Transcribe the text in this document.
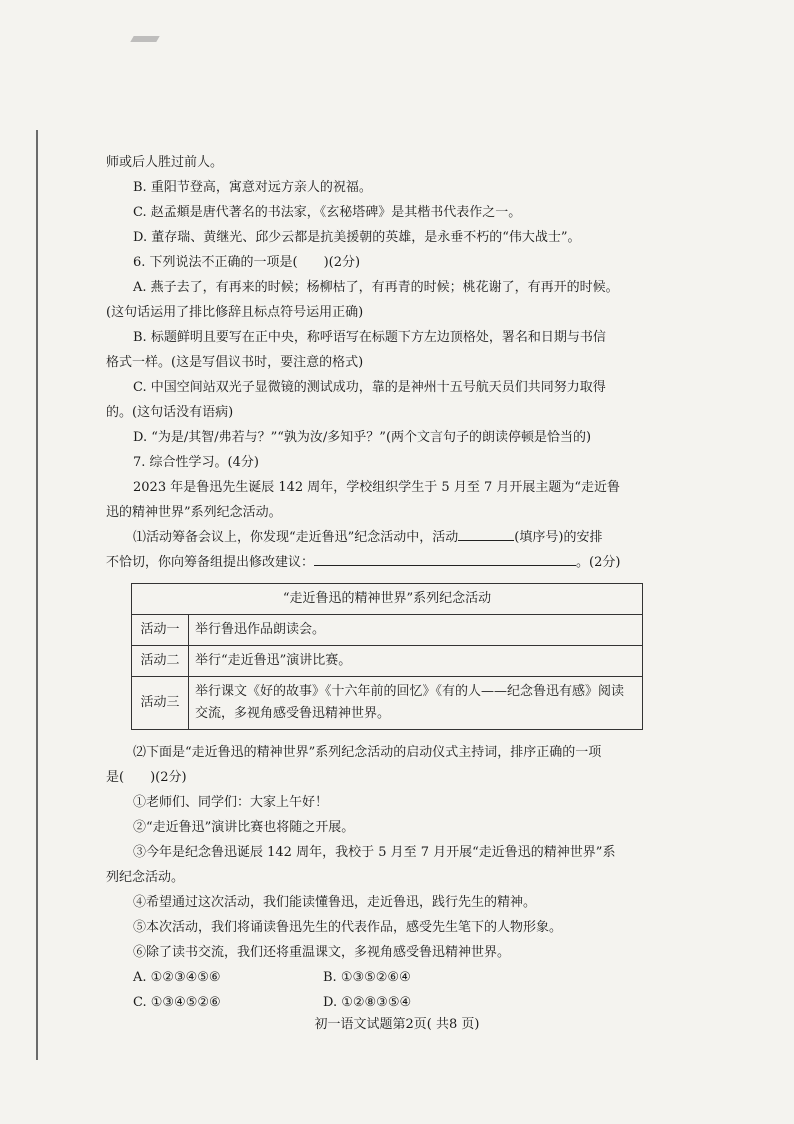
师或后人胜过前人。
B. 重阳节登高，寓意对远方亲人的祝福。
C. 赵孟頫是唐代著名的书法家，《玄秘塔碑》是其楷书代表作之一。
D. 董存瑞、黄继光、邱少云都是抗美援朝的英雄，是永垂不朽的“伟大战士”。
6. 下列说法不正确的一项是( )(2分)
A. 燕子去了，有再来的时候；杨柳枯了，有再青的时候；桃花谢了，有再开的时候。
(这句话运用了排比修辞且标点符号运用正确)
B. 标题鲜明且要写在正中央，称呼语写在标题下方左边顶格处，署名和日期与书信
格式一样。(这是写倡议书时，要注意的格式)
C. 中国空间站双光子显微镜的测试成功，靠的是神州十五号航天员们共同努力取得
的。(这句话没有语病)
D. “为是/其智/弗若与？”“孰为汝/多知乎？”(两个文言句子的朗读停顿是恰当的)
7. 综合性学习。(4分)
2023 年是鲁迅先生诞辰 142 周年，学校组织学生于 5 月至 7 月开展主题为“走近鲁
迅的精神世界”系列纪念活动。
⑴活动筹备会议上，你发现“走近鲁迅”纪念活动中，活动	(填序号)的安排
不恰切，你向筹备组提出修改建议：	。(2分)
“走近鲁迅的精神世界”系列纪念活动	
活动一	举行鲁迅作品朗读会。
活动二	举行“走近鲁迅”演讲比赛。
活动三	举行课文《好的故事》《十六年前的回忆》《有的人——纪念鲁迅有感》阅读交流，多视角感受鲁迅精神世界。
⑵下面是“走近鲁迅的精神世界”系列纪念活动的启动仪式主持词，排序正确的一项
是( )(2分)
①老师们、同学们：大家上午好！
②“走近鲁迅”演讲比赛也将随之开展。
③今年是纪念鲁迅诞辰 142 周年，我校于 5 月至 7 月开展“走近鲁迅的精神世界”系
列纪念活动。
④希望通过这次活动，我们能读懂鲁迅，走近鲁迅，践行先生的精神。
⑤本次活动，我们将诵读鲁迅先生的代表作品，感受先生笔下的人物形象。
⑥除了读书交流，我们还将重温课文，多视角感受鲁迅精神世界。
A. ①②③④⑤⑥	B. ①③⑤②⑥④
C. ①③④⑤②⑥	D. ①②⑧③⑤④
初一语文试题第2页( 共8 页)
